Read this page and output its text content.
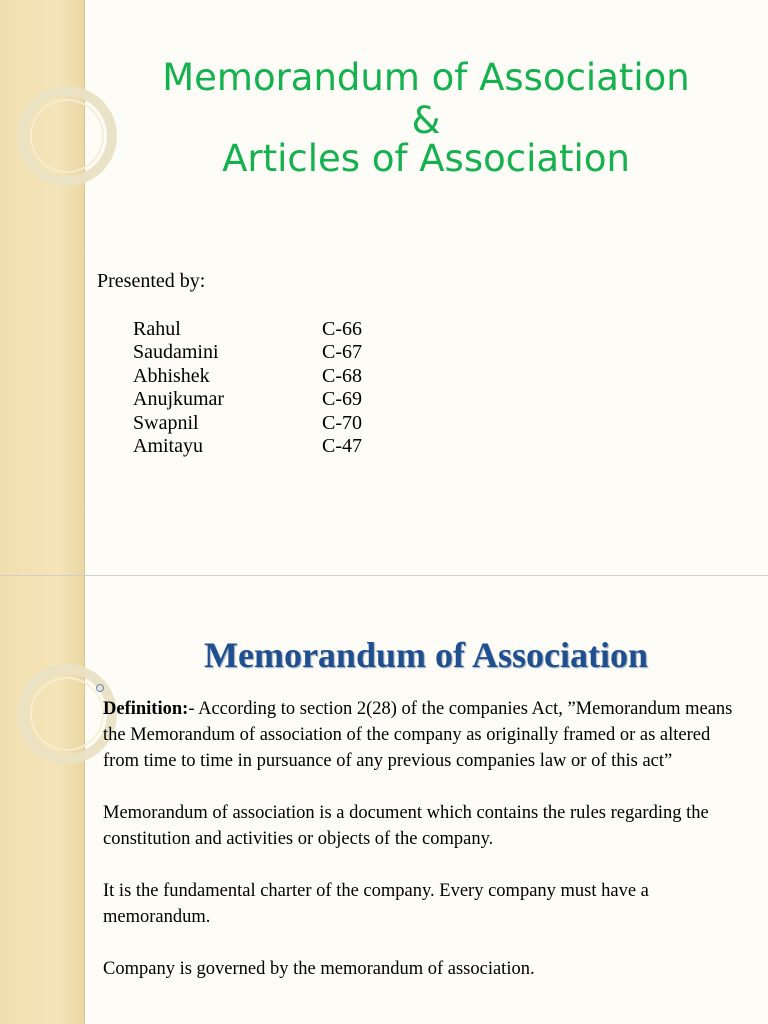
Memorandum of Association
&
Articles of Association
Presented by:
Rahul	C-66
Saudamini	C-67
Abhishek	C-68
Anujkumar	C-69
Swapnil	C-70
Amitayu	C-47
Memorandum of Association

Definition:- According to section 2(28) of the companies Act, ”Memorandum means the Memorandum of association of the company as originally framed or as altered from time to time in pursuance of any previous companies law or of this act”

Memorandum of association is a document which contains the rules regarding the constitution and activities or objects of the company.

It is the fundamental charter of the company. Every company must have a memorandum.

Company is governed by the memorandum of association.
